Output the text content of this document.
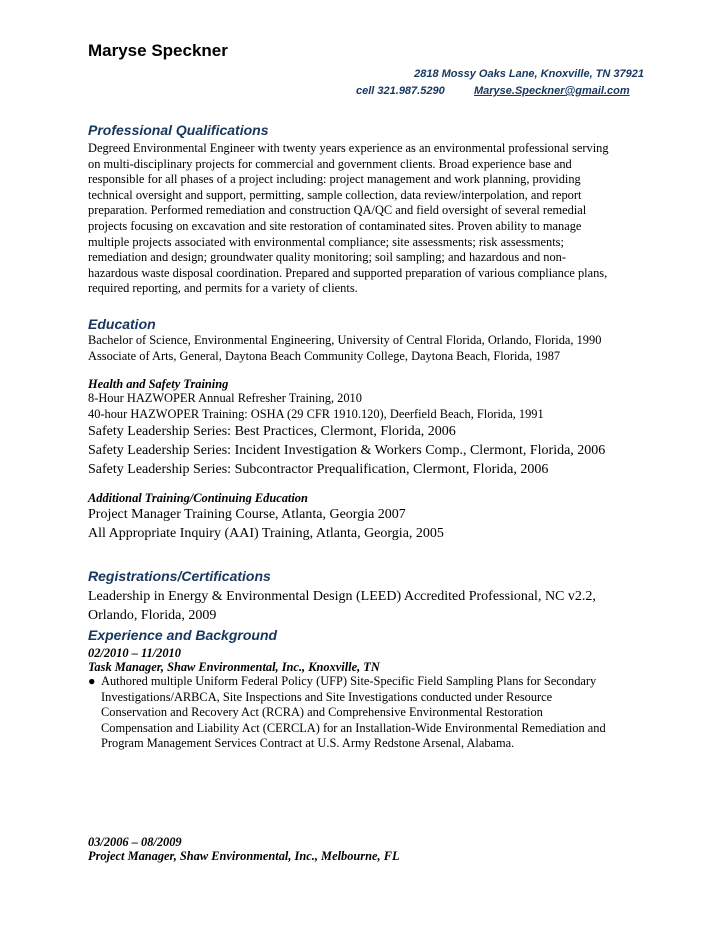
Maryse Speckner
2818 Mossy Oaks Lane, Knoxville, TN 37921
cell 321.987.5290	Maryse.Speckner@gmail.com
Professional Qualifications

Degreed Environmental Engineer with twenty years experience as an environmental professional serving

on multi-disciplinary projects for commercial and government clients. Broad experience base and

responsible for all phases of a project including: project management and work planning, providing

technical oversight and support, permitting, sample collection, data review/interpolation, and report

preparation. Performed remediation and construction QA/QC and field oversight of several remedial

projects focusing on excavation and site restoration of contaminated sites. Proven ability to manage

multiple projects associated with environmental compliance; site assessments; risk assessments;

remediation and design; groundwater quality monitoring; soil sampling; and hazardous and non-

hazardous waste disposal coordination. Prepared and supported preparation of various compliance plans,

required reporting, and permits for a variety of clients.

Education

Bachelor of Science, Environmental Engineering, University of Central Florida, Orlando, Florida, 1990

Associate of Arts, General, Daytona Beach Community College, Daytona Beach, Florida, 1987

Health and Safety Training

8-Hour HAZWOPER Annual Refresher Training, 2010

40-hour HAZWOPER Training: OSHA (29 CFR 1910.120), Deerfield Beach, Florida, 1991

Safety Leadership Series: Best Practices, Clermont, Florida, 2006

Safety Leadership Series: Incident Investigation & Workers Comp., Clermont, Florida, 2006

Safety Leadership Series: Subcontractor Prequalification, Clermont, Florida, 2006

Additional Training/Continuing Education

Project Manager Training Course, Atlanta, Georgia 2007

All Appropriate Inquiry (AAI) Training, Atlanta, Georgia, 2005

Registrations/Certifications

Leadership in Energy & Environmental Design (LEED) Accredited Professional, NC v2.2,

Orlando, Florida, 2009

Experience and Background

02/2010 – 11/2010

Task Manager, Shaw Environmental, Inc., Knoxville, TN

● Authored multiple Uniform Federal Policy (UFP) Site-Specific Field Sampling Plans for Secondary

Investigations/ARBCA, Site Inspections and Site Investigations conducted under Resource

Conservation and Recovery Act (RCRA) and Comprehensive Environmental Restoration

Compensation and Liability Act (CERCLA) for an Installation-Wide Environmental Remediation and

Program Management Services Contract at U.S. Army Redstone Arsenal, Alabama.

03/2006 – 08/2009

Project Manager, Shaw Environmental, Inc., Melbourne, FL
